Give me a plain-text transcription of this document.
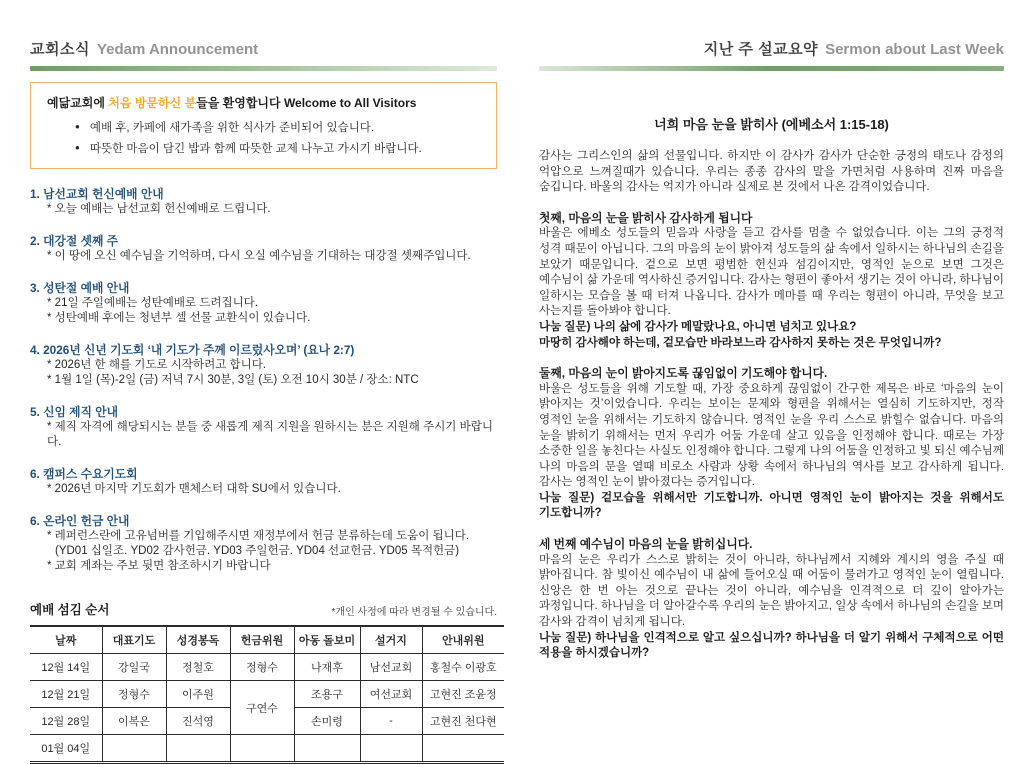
교회소식 Yedam Announcement
예닮교회에 처음 방문하신 분들을 환영합니다 Welcome to All Visitors
● 예배 후, 카페에 새가족을 위한 식사가 준비되어 있습니다.
● 따뜻한 마음이 담긴 밥과 함께 따뜻한 교제 나누고 가시기 바랍니다.
1. 남선교회 헌신예배 안내
* 오늘 예배는 남선교회 헌신예배로 드립니다.
2. 대강절 셋째 주
* 이 땅에 오신 예수님을 기억하며, 다시 오실 예수님을 기대하는 대강절 셋째주입니다.
3. 성탄절 예배 안내
* 21일 주일예배는 성탄예배로 드려집니다.
* 성탄예배 후에는 청년부 셀 선물 교환식이 있습니다.
4. 2026년 신년 기도회 ‘내 기도가 주께 이르렀사오며’ (요나 2:7)
* 2026년 한 해를 기도로 시작하려고 합니다.
* 1월 1일 (목)-2일 (금) 저녁 7시 30분, 3일 (토) 오전 10시 30분 / 장소: NTC
5. 신임 제직 안내
* 제직 자격에 해당되시는 분들 중 새롭게 제직 지원을 원하시는 분은 지원해 주시기 바랍니다.
6. 캠퍼스 수요기도회
* 2026년 마지막 기도회가 맨체스터 대학 SU에서 있습니다.
6. 온라인 헌금 안내
* 레퍼런스란에 고유넘버를 기입해주시면 재정부에서 헌금 분류하는데 도움이 됩니다.
(YD01 십일조. YD02 감사헌금. YD03 주일헌금. YD04 선교헌금. YD05 목적헌금)
* 교회 계좌는 주보 뒷면 참조하시기 바랍니다
예배 섬김 순서	*개인 사정에 따라 변경될 수 있습니다.
날짜	대표기도	성경봉독	헌금위원	아동 돌보미	설거지	안내위원
12월 14일	강일국	정철호	정형수	나재후	남선교회	홍철수 이광호
12월 21일	정형수	이주원	구연수	조용구	여선교회	고현진 조윤정
12월 28일	이복은	진석영		손미령	-	고현진 천다현
01월 04일						
지난 주 설교요약 Sermon about Last Week
너희 마음 눈을 밝히사 (에베소서 1:15-18)
감사는 그리스인의 삶의 선물입니다. 하지만 이 감사가 감사가 단순한 긍정의 태도나 감정의 억압으로 느껴질때가 있습니다. 우리는 종종 감사의 말을 가면처럼 사용하며 진짜 마음을 숨깁니다. 바울의 감사는 억지가 아니라 실제로 본 것에서 나온 감격이었습니다.
첫째, 마음의 눈을 밝히사 감사하게 됩니다
바울은 에베소 성도들의 믿음과 사랑을 듣고 감사를 멈출 수 없었습니다. 이는 그의 긍정적 성격 때문이 아닙니다. 그의 마음의 눈이 밝아져 성도들의 삶 속에서 일하시는 하나님의 손길을 보았기 때문입니다. 겉으로 보면 평범한 헌신과 섬김이지만, 영적인 눈으로 보면 그것은 예수님이 삶 가운데 역사하신 증거입니다. 감사는 형편이 좋아서 생기는 것이 아니라, 하나님이 일하시는 모습을 볼 때 터져 나옵니다. 감사가 메마를 때 우리는 형편이 아니라, 무엇을 보고 사는지를 돌아봐야 합니다.
나눔 질문) 나의 삶에 감사가 메말랐나요, 아니면 넘치고 있나요?
마땅히 감사해야 하는데, 겉모습만 바라보느라 감사하지 못하는 것은 무엇입니까?
둘째, 마음의 눈이 밝아지도록 끊임없이 기도해야 합니다.
바울은 성도들을 위해 기도할 때, 가장 중요하게 끊임없이 간구한 제목은 바로 ‘마음의 눈이 밝아지는 것’이었습니다. 우리는 보이는 문제와 형편을 위해서는 열심히 기도하지만, 정작 영적인 눈을 위해서는 기도하지 않습니다. 영적인 눈을 우리 스스로 밝힐수 없습니다. 마음의 눈을 밝히기 위해서는 먼저 우리가 어둠 가운데 살고 있음을 인정해야 합니다. 때로는 가장 소중한 일을 놓친다는 사실도 인정해야 합니다. 그렇게 나의 어둠을 인정하고 빛 되신 예수님께 나의 마음의 문을 열때 비로소 사람과 상황 속에서 하나님의 역사를 보고 감사하게 됩니다. 감사는 영적인 눈이 밝아졌다는 증거입니다.
나눔 질문) 겉모습을 위해서만 기도합니까. 아니면 영적인 눈이 밝아지는 것을 위해서도 기도합니까?
세 번째 예수님이 마음의 눈을 밝히십니다.
마음의 눈은 우리가 스스로 밝히는 것이 아니라, 하나님께서 지혜와 계시의 영을 주실 때 밝아집니다. 참 빛이신 예수님이 내 삶에 들어오실 때 어둠이 물러가고 영적인 눈이 열립니다. 신앙은 한 번 아는 것으로 끝나는 것이 아니라, 예수님을 인격적으로 더 깊이 알아가는 과정입니다. 하나님을 더 알아갈수록 우리의 눈은 밝아지고, 일상 속에서 하나님의 손길을 보며 감사와 감격이 넘치게 됩니다.
나눔 질문) 하나님을 인격적으로 알고 싶으십니까? 하나님을 더 알기 위해서 구체적으로 어떤 적용을 하시겠습니까?
